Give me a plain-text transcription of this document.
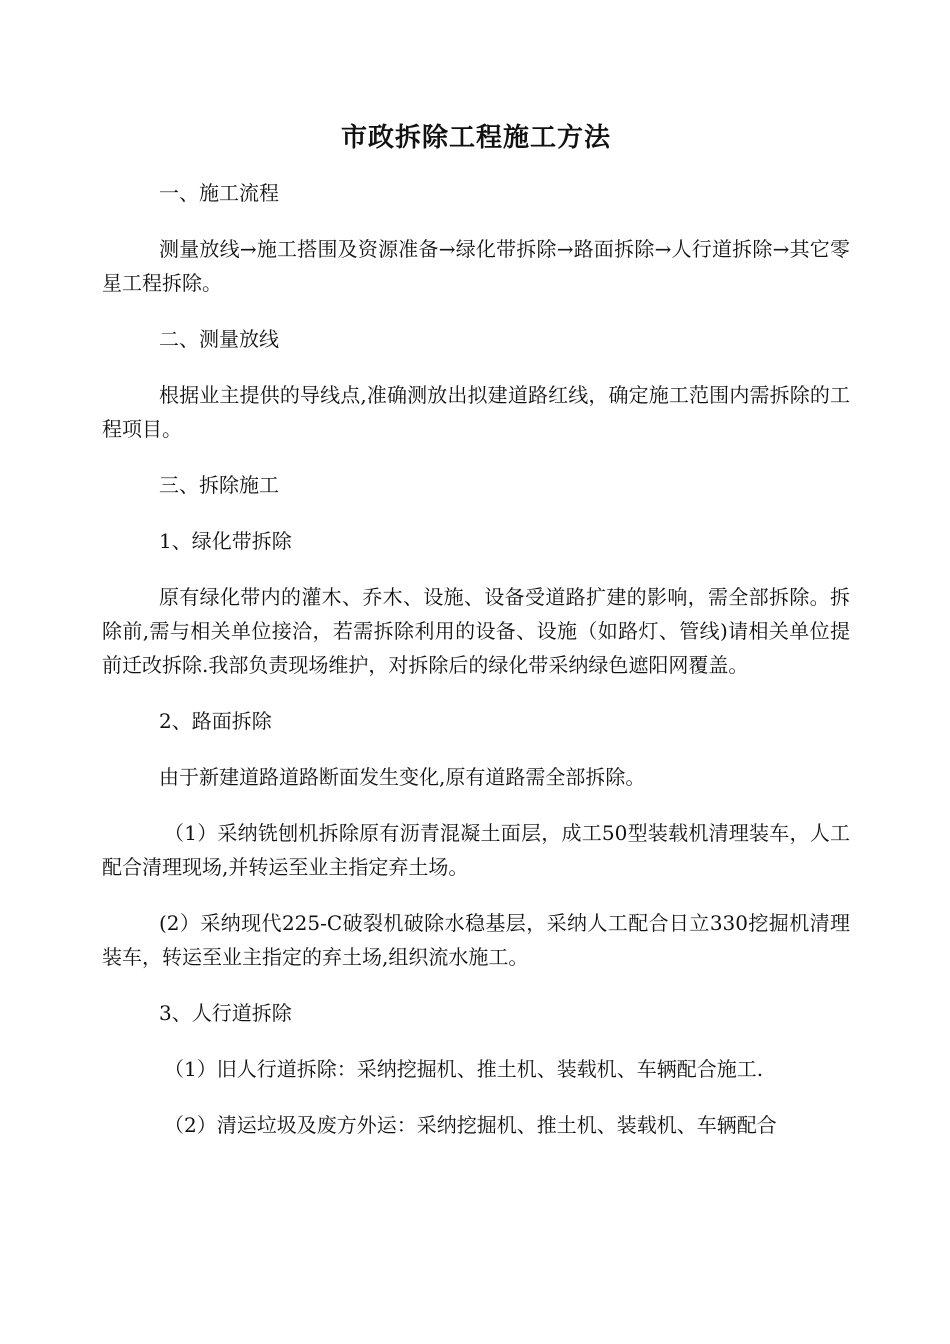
市政拆除工程施工方法

一、施工流程

测量放线→施工搭围及资源准备→绿化带拆除→路面拆除→人行道拆除→其它零星工程拆除。

二、测量放线

根据业主提供的导线点,准确测放出拟建道路红线，确定施工范围内需拆除的工程项目。

三、拆除施工

1、绿化带拆除

原有绿化带内的灌木、乔木、设施、设备受道路扩建的影响，需全部拆除。拆除前,需与相关单位接洽，若需拆除利用的设备、设施（如路灯、管线)请相关单位提前迁改拆除.我部负责现场维护，对拆除后的绿化带采纳绿色遮阳网覆盖。

2、路面拆除

由于新建道路道路断面发生变化,原有道路需全部拆除。

（1）采纳铣刨机拆除原有沥青混凝土面层，成工50型装载机清理装车，人工配合清理现场,并转运至业主指定弃土场。

(2）采纳现代225-C破裂机破除水稳基层，采纳人工配合日立330挖掘机清理装车，转运至业主指定的弃土场,组织流水施工。

3、人行道拆除

（1）旧人行道拆除：采纳挖掘机、推土机、装载机、车辆配合施工.

（2）清运垃圾及废方外运：采纳挖掘机、推土机、装载机、车辆配合
